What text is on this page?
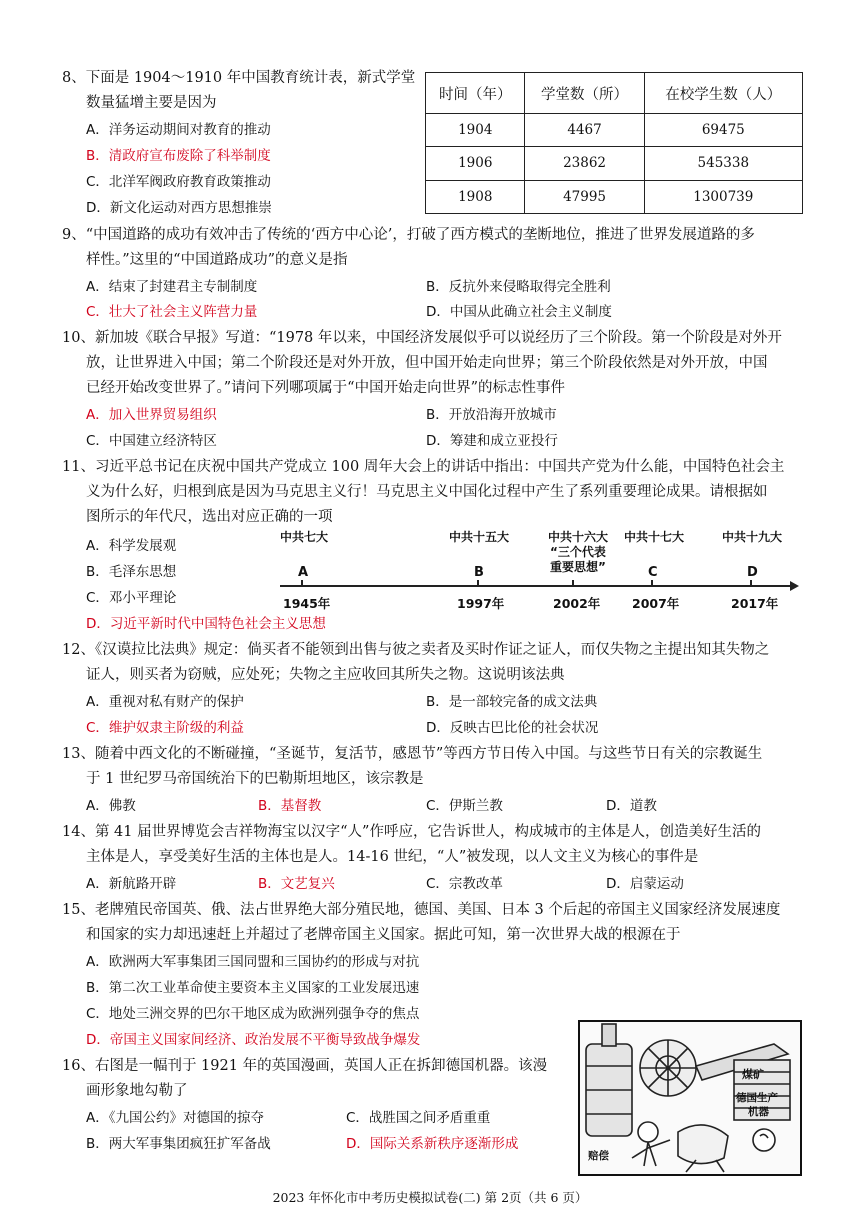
8、下面是 1904～1910 年中国教育统计表，新式学堂
数量猛增主要是因为
A．洋务运动期间对教育的推动
B．清政府宣布废除了科举制度
C．北洋军阀政府教育政策推动
D．新文化运动对西方思想推崇
时间（年）	学堂数（所）	在校学生数（人）
1904	4467	69475
1906	23862	545338
1908	47995	1300739
9、“中国道路的成功有效冲击了传统的‘西方中心论’，打破了西方模式的垄断地位，推进了世界发展道路的多
样性。”这里的“中国道路成功”的意义是指
A．结束了封建君主专制制度	B．反抗外来侵略取得完全胜利
C．壮大了社会主义阵营力量	D．中国从此确立社会主义制度
10、新加坡《联合早报》写道：“1978 年以来，中国经济发展似乎可以说经历了三个阶段。第一个阶段是对外开
放，让世界进入中国；第二个阶段还是对外开放，但中国开始走向世界；第三个阶段依然是对外开放，中国
已经开始改变世界了。”请问下列哪项属于“中国开始走向世界”的标志性事件
A．加入世界贸易组织	B．开放沿海开放城市
C．中国建立经济特区	D．筹建和成立亚投行
11、习近平总书记在庆祝中国共产党成立 100 周年大会上的讲话中指出：中国共产党为什么能，中国特色社会主
义为什么好，归根到底是因为马克思主义行！马克思主义中国化过程中产生了系列重要理论成果。请根据如
图所示的年代尺，选出对应正确的一项
A．科学发展观
B．毛泽东思想
C．邓小平理论
D．习近平新时代中国特色社会主义思想
中共七大	中共十五大	中共十六大
“三个代表
重要思想”
中共十七大	中共十九大
A	B	C	D
1945年	1997年	2002年	2007年	2017年
12、《汉谟拉比法典》规定：倘买者不能领到出售与彼之卖者及买时作证之证人，而仅失物之主提出知其失物之
证人，则买者为窃贼，应处死；失物之主应收回其所失之物。这说明该法典
A．重视对私有财产的保护	B．是一部较完备的成文法典
C．维护奴隶主阶级的利益	D．反映古巴比伦的社会状况
13、随着中西文化的不断碰撞，“圣诞节，复活节，感恩节”等西方节日传入中国。与这些节日有关的宗教诞生
于 1 世纪罗马帝国统治下的巴勒斯坦地区，该宗教是
A．佛教	B．基督教	C．伊斯兰教	D．道教
14、第 41 届世界博览会吉祥物海宝以汉字“人”作呼应，它告诉世人，构成城市的主体是人，创造美好生活的
主体是人，享受美好生活的主体也是人。14-16 世纪，“人”被发现，以人文主义为核心的事件是
A．新航路开辟	B．文艺复兴	C．宗教改革	D．启蒙运动
15、老牌殖民帝国英、俄、法占世界绝大部分殖民地，德国、美国、日本 3 个后起的帝国主义国家经济发展速度
和国家的实力却迅速赶上并超过了老牌帝国主义国家。据此可知，第一次世界大战的根源在于
A．欧洲两大军事集团三国同盟和三国协约的形成与对抗
B．第二次工业革命使主要资本主义国家的工业发展迅速
C．地处三洲交界的巴尔干地区成为欧洲列强争夺的焦点
D．帝国主义国家间经济、政治发展不平衡导致战争爆发
16、右图是一幅刊于 1921 年的英国漫画，英国人正在拆卸德国机器。该漫
画形象地勾勒了
A．《九国公约》对德国的掠夺	C．战胜国之间矛盾重重
B．两大军事集团疯狂扩军备战	D．国际关系新秩序逐渐形成
煤矿
德国生产
机器
赔偿
2023 年怀化市中考历史模拟试卷(二) 第 2页（共 6 页）
